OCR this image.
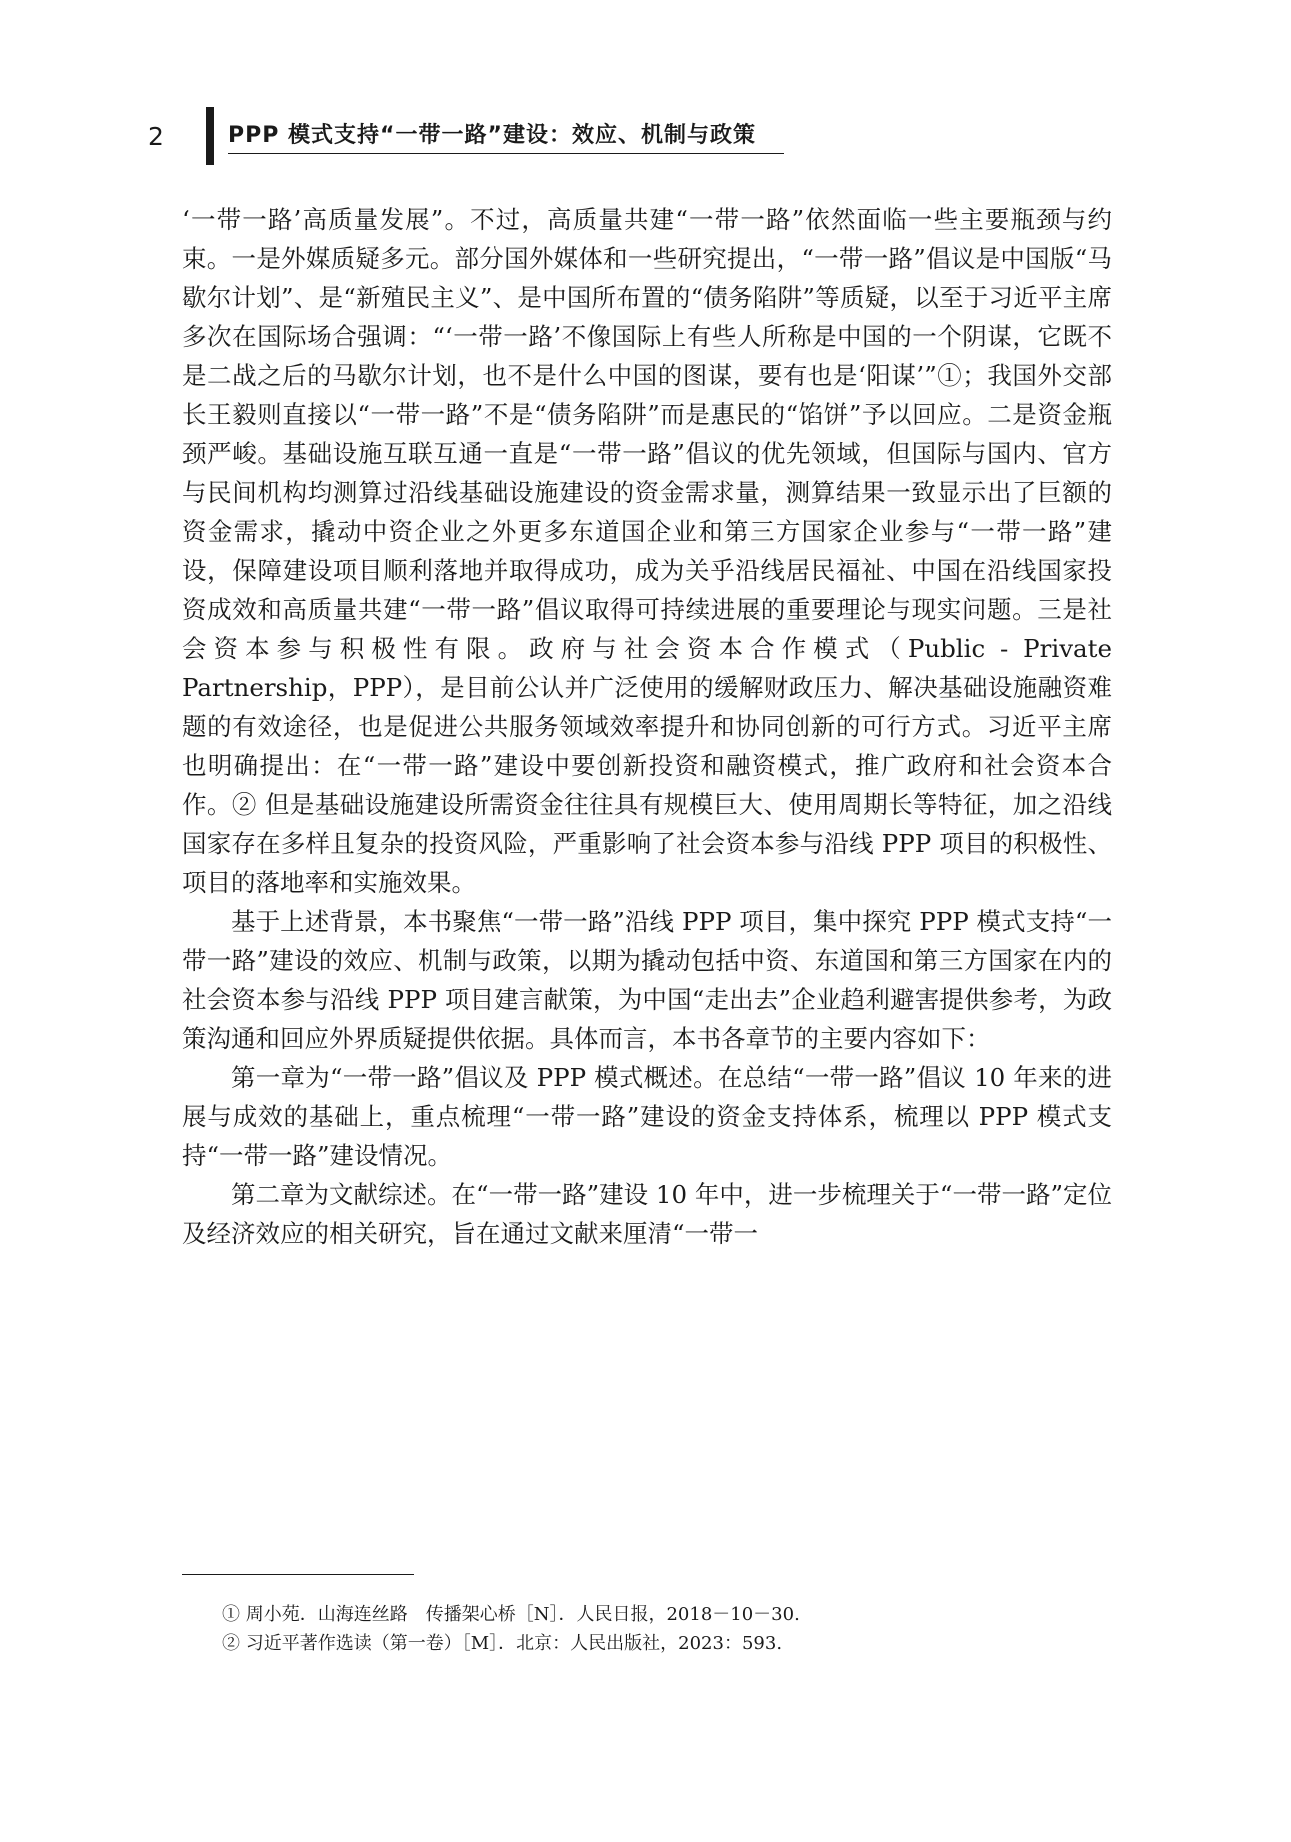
2	PPP 模式支持“一带一路”建设：效应、机制与政策

‘一带一路’高质量发展”。不过，高质量共建“一带一路”依然面临一些主要瓶颈与约束。一是外媒质疑多元。部分国外媒体和一些研究提出，“一带一路”倡议是中国版“马歇尔计划”、是“新殖民主义”、是中国所布置的“债务陷阱”等质疑，以至于习近平主席多次在国际场合强调：“‘一带一路’不像国际上有些人所称是中国的一个阴谋，它既不是二战之后的马歇尔计划，也不是什么中国的图谋，要有也是‘阳谋’”①；我国外交部长王毅则直接以“一带一路”不是“债务陷阱”而是惠民的“馅饼”予以回应。二是资金瓶颈严峻。基础设施互联互通一直是“一带一路”倡议的优先领域，但国际与国内、官方与民间机构均测算过沿线基础设施建设的资金需求量，测算结果一致显示出了巨额的资金需求，撬动中资企业之外更多东道国企业和第三方国家企业参与“一带一路”建设，保障建设项目顺利落地并取得成功，成为关乎沿线居民福祉、中国在沿线国家投资成效和高质量共建“一带一路”倡议取得可持续进展的重要理论与现实问题。三是社会资本参与积极性有限。政府与社会资本合作模式（Public - Private Partnership，PPP），是目前公认并广泛使用的缓解财政压力、解决基础设施融资难题的有效途径，也是促进公共服务领域效率提升和协同创新的可行方式。习近平主席也明确提出：在“一带一路”建设中要创新投资和融资模式，推广政府和社会资本合作。② 但是基础设施建设所需资金往往具有规模巨大、使用周期长等特征，加之沿线国家存在多样且复杂的投资风险，严重影响了社会资本参与沿线 PPP 项目的积极性、项目的落地率和实施效果。

基于上述背景，本书聚焦“一带一路”沿线 PPP 项目，集中探究 PPP 模式支持“一带一路”建设的效应、机制与政策，以期为撬动包括中资、东道国和第三方国家在内的社会资本参与沿线 PPP 项目建言献策，为中国“走出去”企业趋利避害提供参考，为政策沟通和回应外界质疑提供依据。具体而言，本书各章节的主要内容如下：

第一章为“一带一路”倡议及 PPP 模式概述。在总结“一带一路”倡议 10 年来的进展与成效的基础上，重点梳理“一带一路”建设的资金支持体系，梳理以 PPP 模式支持“一带一路”建设情况。

第二章为文献综述。在“一带一路”建设 10 年中，进一步梳理关于“一带一路”定位及经济效应的相关研究，旨在通过文献来厘清“一带一

① 周小苑．山海连丝路　传播架心桥［N］．人民日报，2018－10－30.

② 习近平著作选读（第一卷）［M］．北京：人民出版社，2023：593.
